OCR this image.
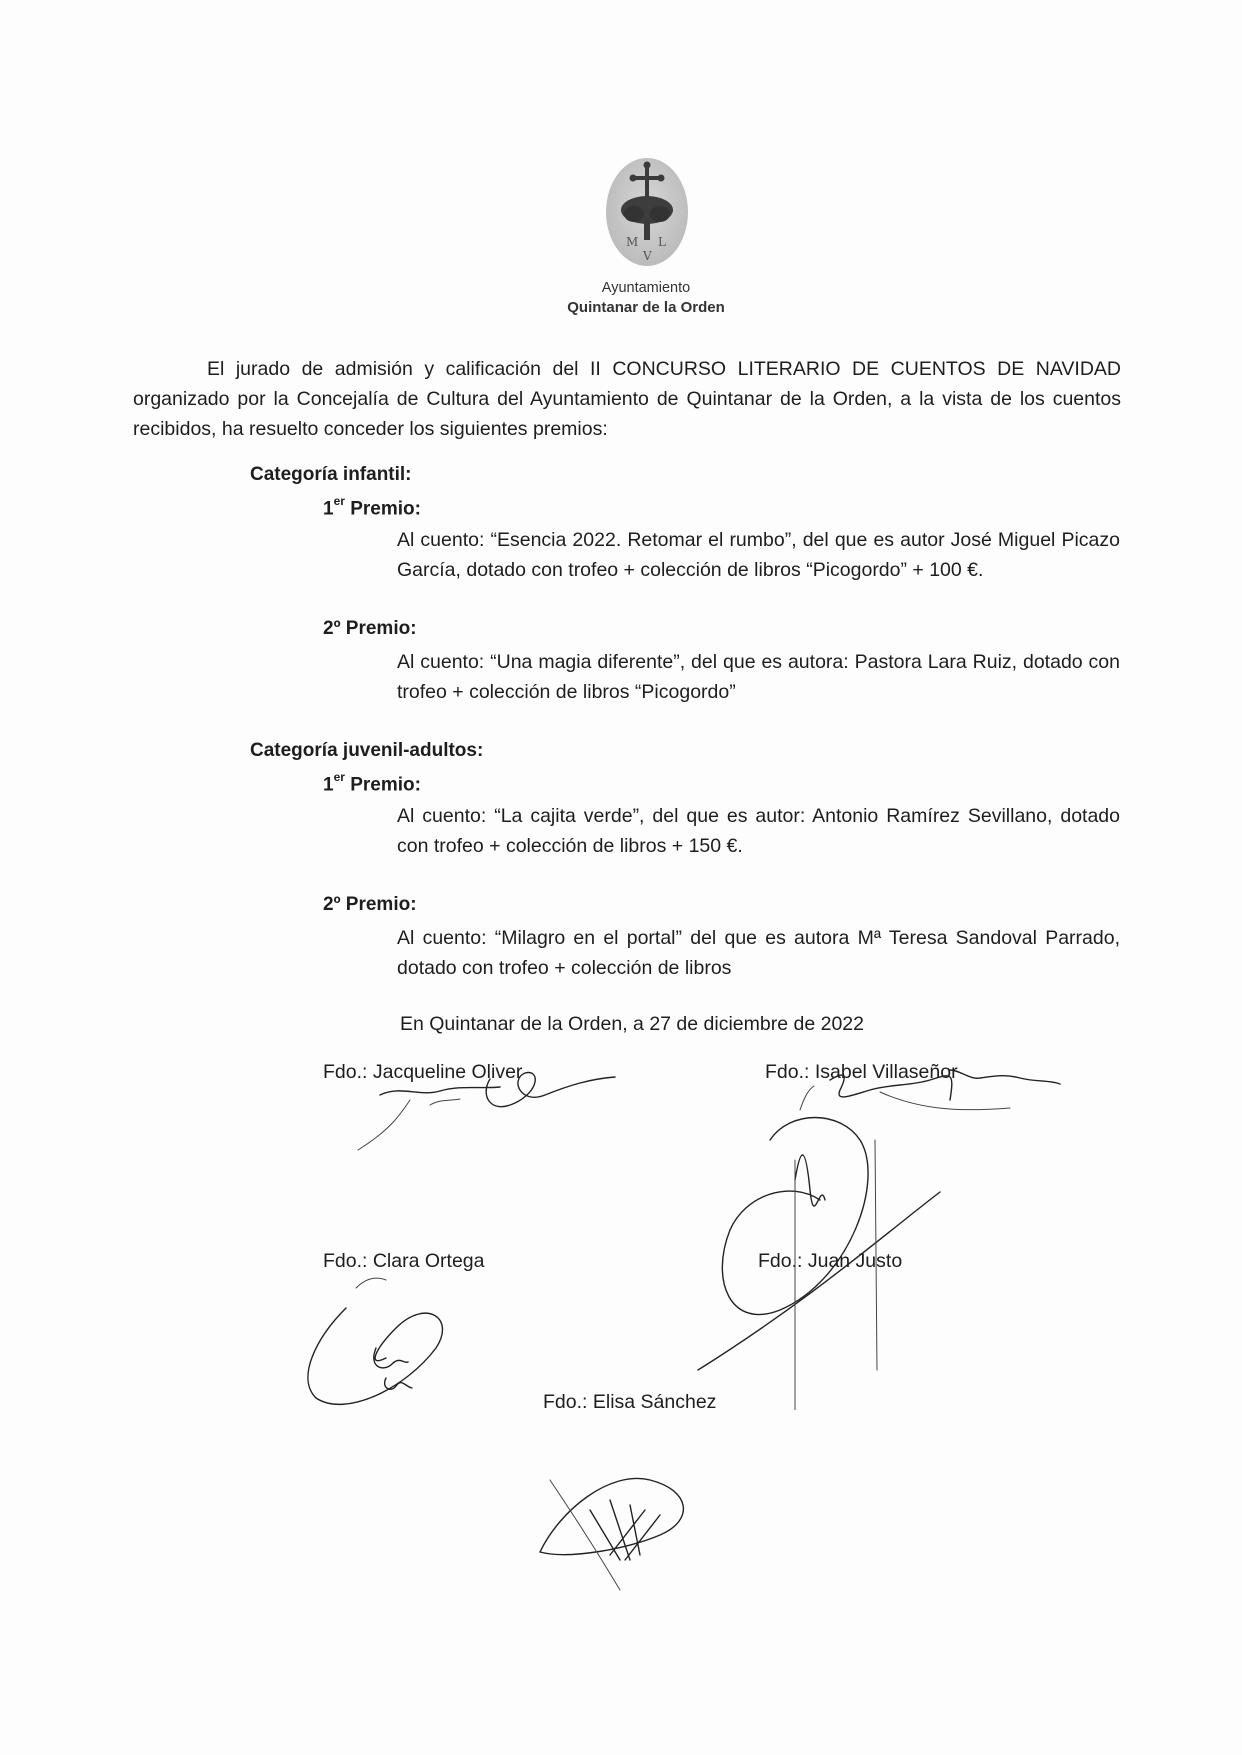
M L
V
Ayuntamiento
Quintanar de la Orden
El jurado de admisión y calificación del II CONCURSO LITERARIO DE CUENTOS DE NAVIDAD organizado por la Concejalía de Cultura del Ayuntamiento de Quintanar de la Orden, a la vista de los cuentos recibidos, ha resuelto conceder los siguientes premios:
Categoría infantil:
1er Premio:
Al cuento: “Esencia 2022. Retomar el rumbo”, del que es autor José Miguel Picazo García, dotado con trofeo + colección de libros “Picogordo” + 100 €.
2º Premio:
Al cuento: “Una magia diferente”, del que es autora: Pastora Lara Ruiz, dotado con trofeo + colección de libros “Picogordo”
Categoría juvenil-adultos:
1er Premio:
Al cuento: “La cajita verde”, del que es autor: Antonio Ramírez Sevillano, dotado con trofeo + colección de libros + 150 €.
2º Premio:
Al cuento: “Milagro en el portal” del que es autora Mª Teresa Sandoval Parrado, dotado con trofeo + colección de libros
En Quintanar de la Orden, a 27 de diciembre de 2022
Fdo.: Jacqueline Oliver	Fdo.: Isabel Villaseñor
Fdo.: Clara Ortega	Fdo.: Juan Justo
Fdo.: Elisa Sánchez
